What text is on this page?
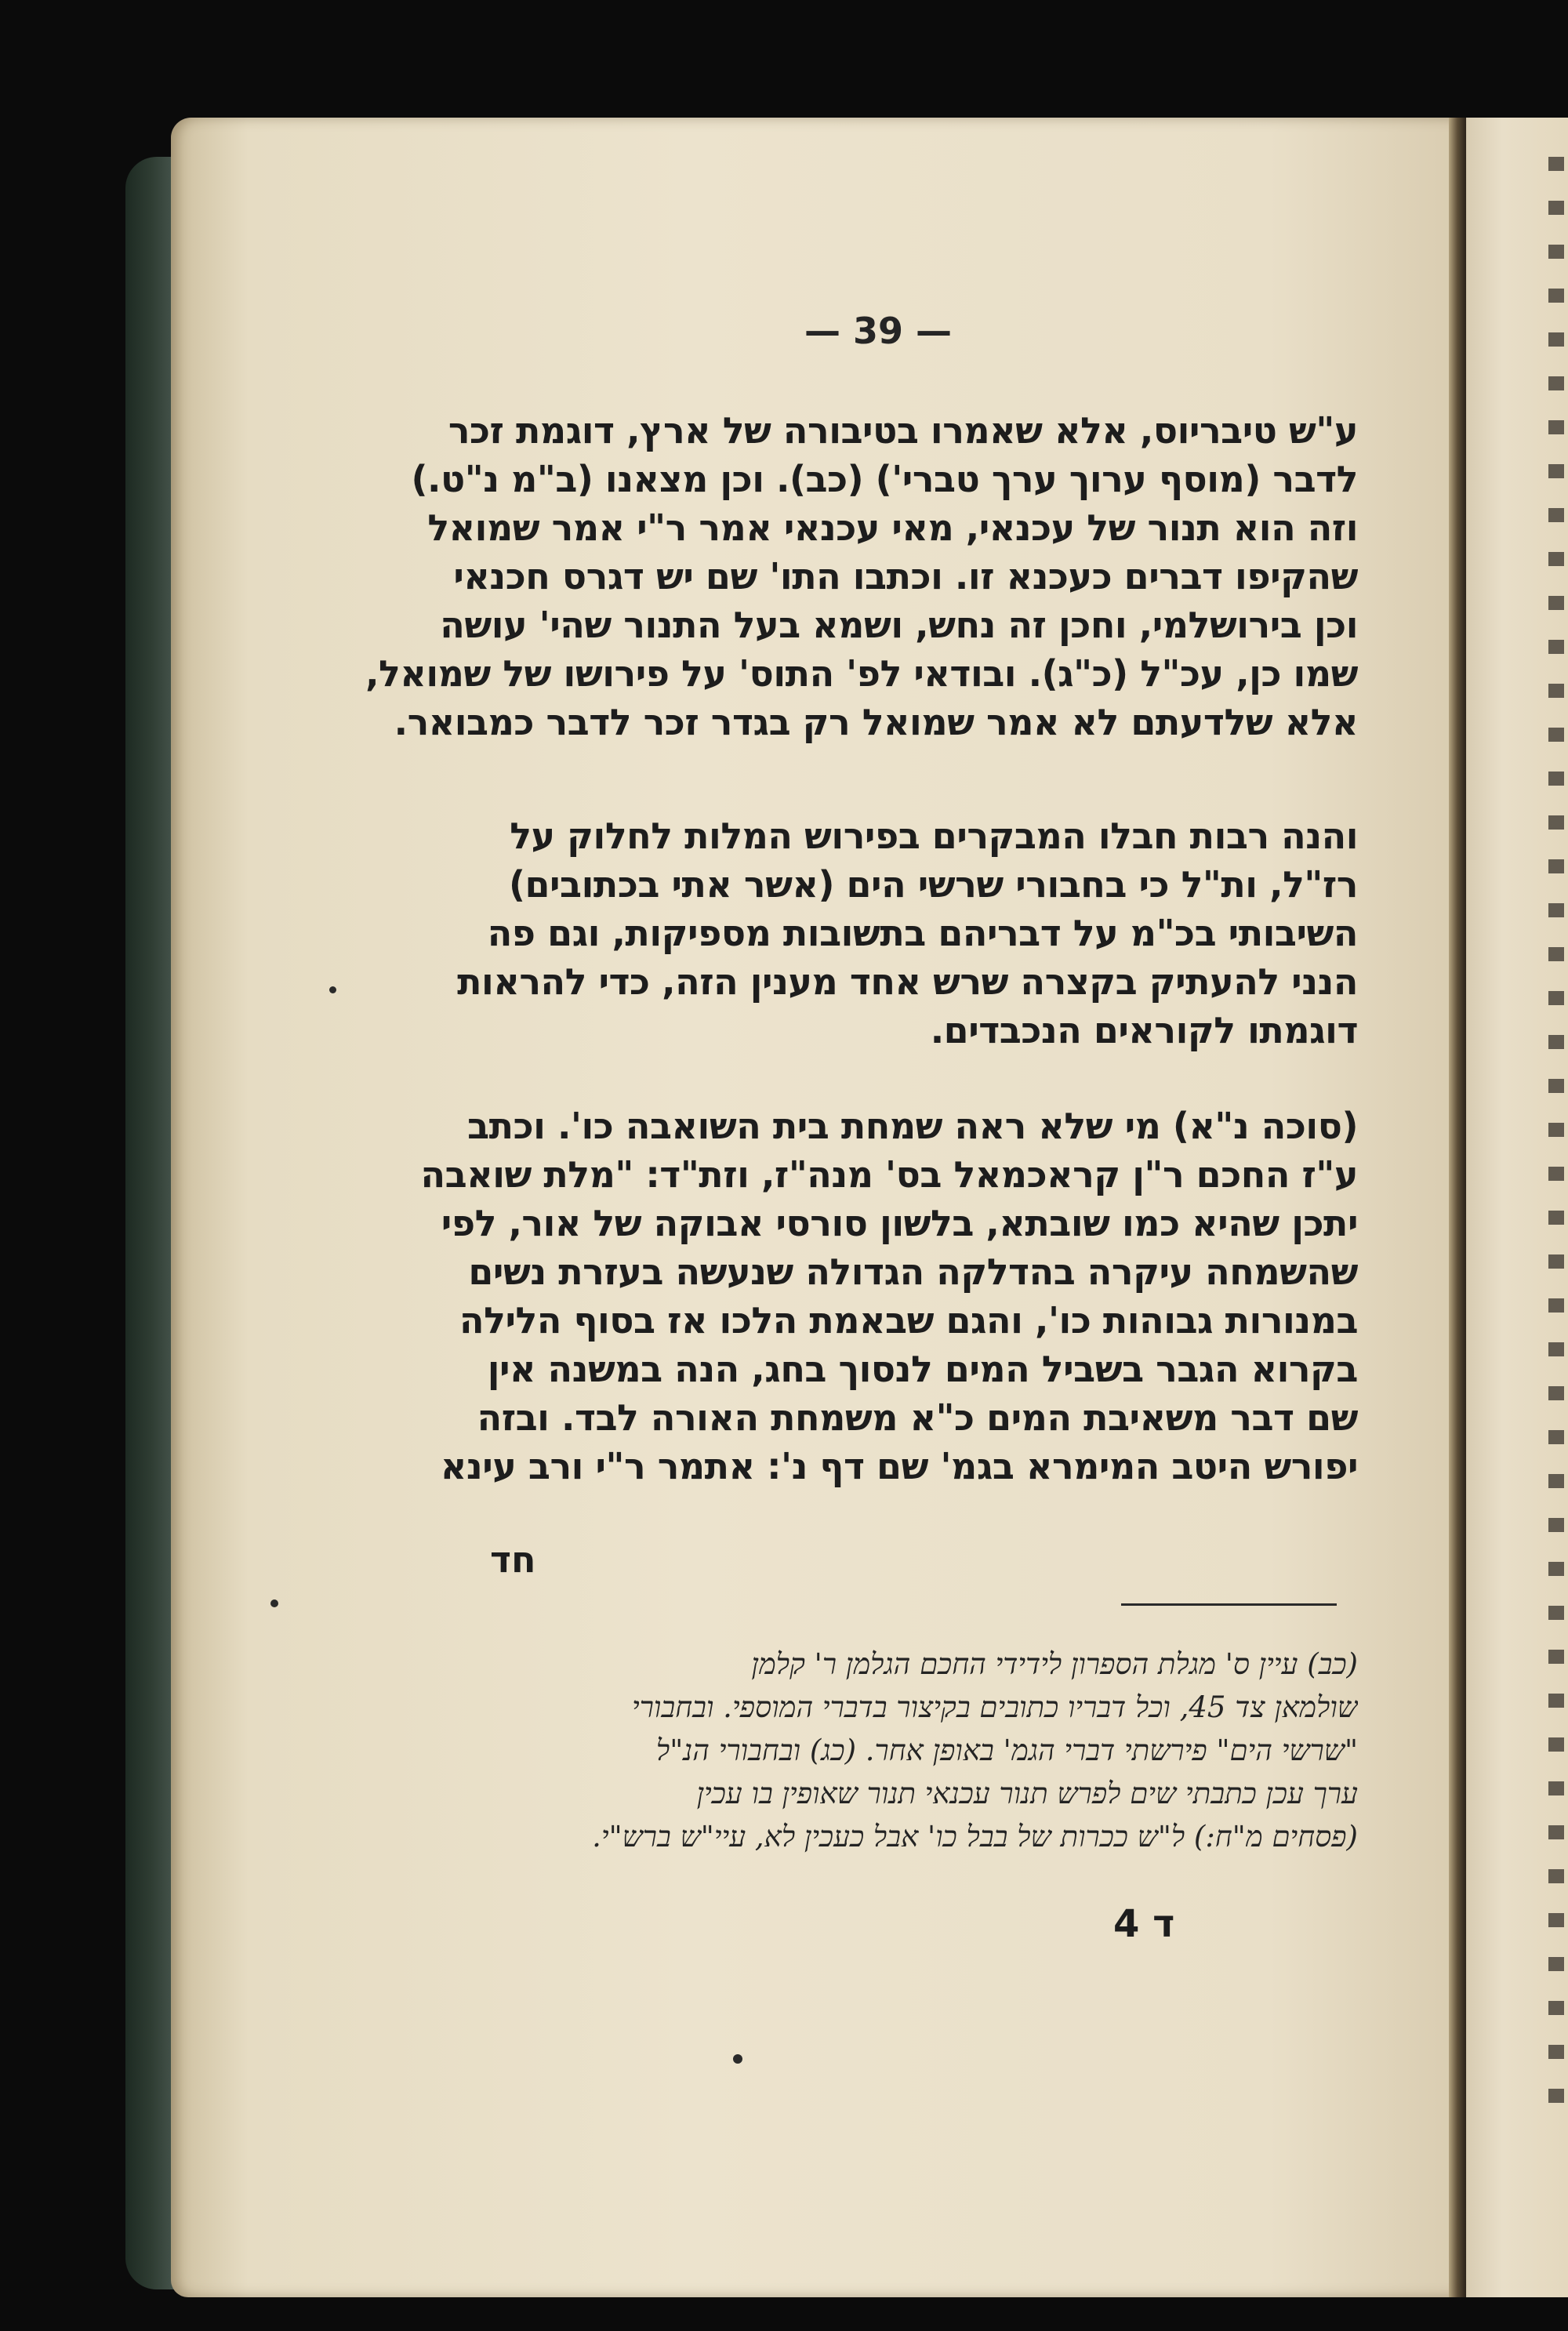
— 39 —
ע"ש טיבריוס, אלא שאמרו בטיבורה של ארץ, דוגמת זכר
לדבר (מוסף ערוך ערך טברי') (כב). וכן מצאנו (ב"מ נ"ט.)
וזה הוא תנור של עכנאי, מאי עכנאי אמר ר"י אמר שמואל
שהקיפו דברים כעכנא זו. וכתבו התו' שם יש דגרס חכנאי
וכן בירושלמי, וחכן זה נחש, ושמא בעל התנור שהי' עושה
שמו כן, עכ"ל (כ"ג). ובודאי לפ' התוס' על פירושו של שמואל,
אלא שלדעתם לא אמר שמואל רק בגדר זכר לדבר כמבואר.
והנה רבות חבלו המבקרים בפירוש המלות לחלוק על
רז"ל, ות"ל כי בחבורי שרשי הים (אשר אתי בכתובים)
השיבותי בכ"מ על דבריהם בתשובות מספיקות, וגם פה
הנני להעתיק בקצרה שרש אחד מענין הזה, כדי להראות
דוגמתו לקוראים הנכבדים.
(סוכה נ"א) מי שלא ראה שמחת בית השואבה כו'. וכתב
ע"ז החכם ר"ן קראכמאל בס' מנה"ז, וזת"ד: "מלת שואבה
יתכן שהיא כמו שובתא, בלשון סורסי אבוקה של אור, לפי
שהשמחה עיקרה בהדלקה הגדולה שנעשה בעזרת נשים
במנורות גבוהות כו', והגם שבאמת הלכו אז בסוף הלילה
בקרוא הגבר בשביל המים לנסוך בחג, הנה במשנה אין
שם דבר משאיבת המים כ"א משמחת האורה לבד. ובזה
יפורש היטב המימרא בגמ' שם דף נ': אתמר ר"י ורב עינא
חד
(כב) עיין ס' מגלת הספרון לידידי החכם הגלמן ר' קלמן
שולמאן צד 45, וכל דבריו כתובים בקיצור בדברי המוספי. ובחבורי
"שרשי הים" פירשתי דברי הגמ' באופן אחר. (כג) ובחבורי הנ"ל
ערך עכן כתבתי שים לפרש תנור עכנאי תנור שאופין בו עכין
(פסחים מ"ח:) ל"ש ככרות של בבל כו' אבל כעכין לא, עיי"ש ברש"י.
ד 4
